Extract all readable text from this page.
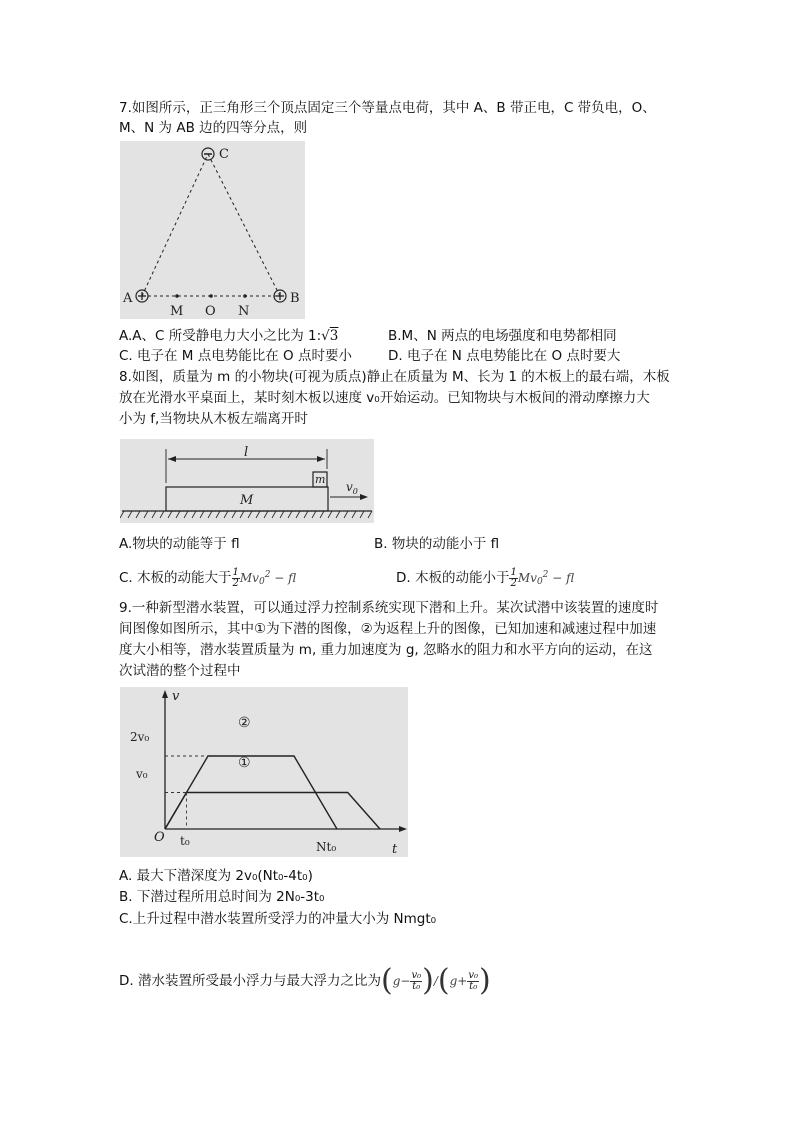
7.如图所示，正三角形三个顶点固定三个等量点电荷，其中 A、B 带正电，C 带负电，O、
M、N 为 AB 边的四等分点，则
C
A	B
M O N
A.A、C 所受静电力大小之比为 1:√3	B.M、N 两点的电场强度和电势都相同
C. 电子在 M 点电势能比在 O 点时要小	D. 电子在 N 点电势能比在 O 点时要大
8.如图，质量为 m 的小物块(可视为质点)静止在质量为 M、长为 1 的木板上的最右端，木板
放在光滑水平桌面上，某时刻木板以速度 v₀开始运动。已知物块与木板间的滑动摩擦力大
小为 f,当物块从木板左端离开时
l
m
M
$v_0$
A.物块的动能等于 fl	B. 物块的动能小于 fl
C. 木板的动能大于 $\frac{1}{2} Mv_0^2$ − fl	D. 木板的动能小于 $\frac{1}{2} Mv_0^2$ − fl
9.一种新型潜水装置，可以通过浮力控制系统实现下潜和上升。某次试潜中该装置的速度时
间图像如图所示，其中①为下潜的图像，②为返程上升的图像，已知加速和减速过程中加速
度大小相等，潜水装置质量为 m, 重力加速度为 g, 忽略水的阻力和水平方向的运动，在这
次试潜的整个过程中
v
t
O
2v₀
v₀
t₀	Nt₀
②
①
A. 最大下潜深度为 2v₀(Nt₀-4t₀)
B. 下潜过程所用总时间为 2N₀-3t₀
C.上升过程中潜水装置所受浮力的冲量大小为 Nmgt₀
D. 潜水装置所受最小浮力与最大浮力之比为$(g- \frac{\text{v₀}}{\text{t₀}} )/(g+ \frac{\text{v₀}}{\text{t₀}}$ )
